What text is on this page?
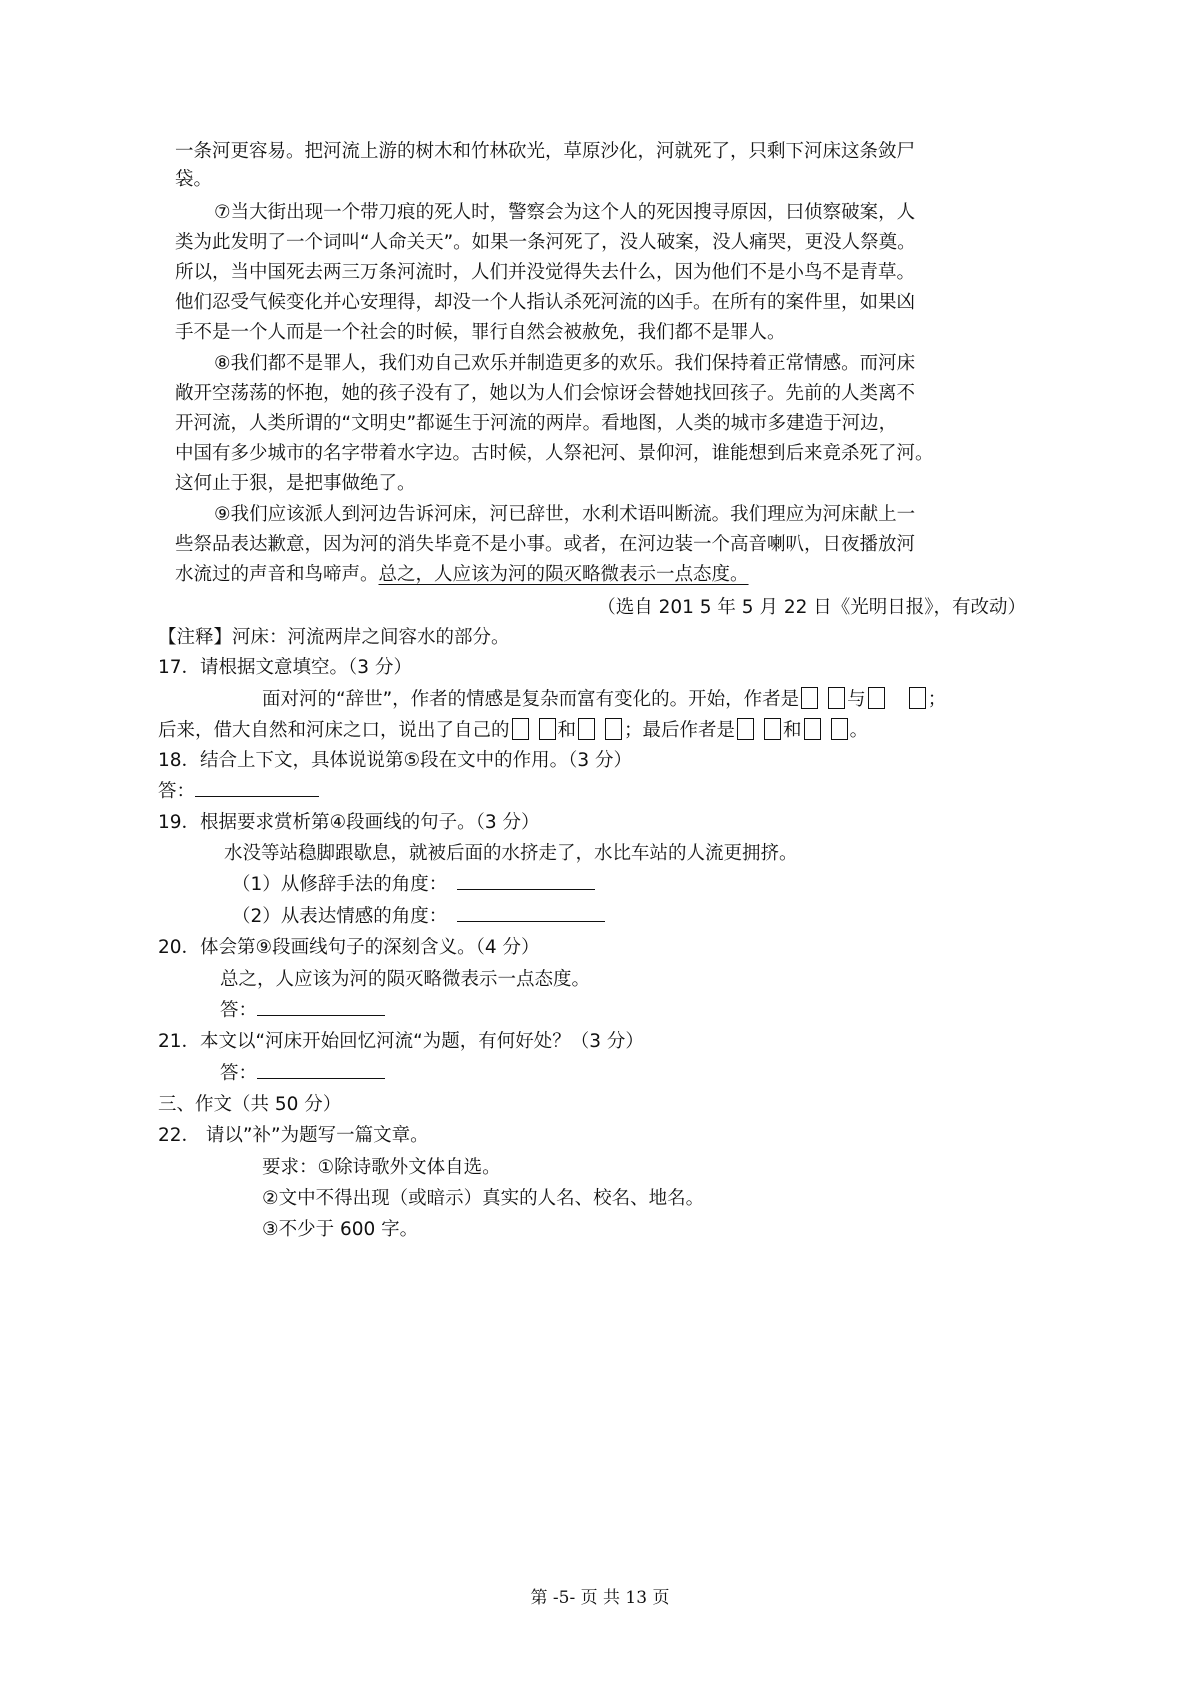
一条河更容易。把河流上游的树木和竹林砍光，草原沙化，河就死了，只剩下河床这条敛尸
袋。
⑦当大街出现一个带刀痕的死人时，警察会为这个人的死因搜寻原因，曰侦察破案，人
类为此发明了一个词叫“人命关天”。如果一条河死了，没人破案，没人痛哭，更没人祭奠。
所以，当中国死去两三万条河流时，人们并没觉得失去什么，因为他们不是小鸟不是青草。
他们忍受气候变化并心安理得，却没一个人指认杀死河流的凶手。在所有的案件里，如果凶
手不是一个人而是一个社会的时候，罪行自然会被赦免，我们都不是罪人。
⑧我们都不是罪人，我们劝自己欢乐并制造更多的欢乐。我们保持着正常情感。而河床
敞开空荡荡的怀抱，她的孩子没有了，她以为人们会惊讶会替她找回孩子。先前的人类离不
开河流，人类所谓的“文明史”都诞生于河流的两岸。看地图，人类的城市多建造于河边，
中国有多少城市的名字带着水字边。古时候，人祭祀河、景仰河，谁能想到后来竟杀死了河。
这何止于狠，是把事做绝了。
⑨我们应该派人到河边告诉河床，河已辞世，水利术语叫断流。我们理应为河床献上一
些祭品表达歉意，因为河的消失毕竟不是小事。或者，在河边装一个高音喇叭，日夜播放河
水流过的声音和鸟啼声。总之，人应该为河的陨灭略微表示一点态度。
（选自 201 5 年 5 月 22 日《光明日报》，有改动）
【注释】河床：河流两岸之间容水的部分。
17．请根据文意填空。（3 分）
面对河的“辞世”，作者的情感是复杂而富有变化的。开始，作者是	与	；
后来，借大自然和河床之口，说出了自己的	和	；最后作者是	和	。
18．结合上下文，具体说说第⑤段在文中的作用。（3 分）
答：
19．根据要求赏析第④段画线的句子。（3 分）
水没等站稳脚跟歇息，就被后面的水挤走了，水比车站的人流更拥挤。
（1）从修辞手法的角度：
（2）从表达情感的角度：
20．体会第⑨段画线句子的深刻含义。（4 分）
总之，人应该为河的陨灭略微表示一点态度。
答：
21．本文以“河床开始回忆河流“为题，有何好处？（3 分）
答：
三、作文（共 50 分）
22． 请以”补”为题写一篇文章。
要求：①除诗歌外文体自选。
②文中不得出现（或暗示）真实的人名、校名、地名。
③不少于 600 字。
第 -5- 页 共 13 页
